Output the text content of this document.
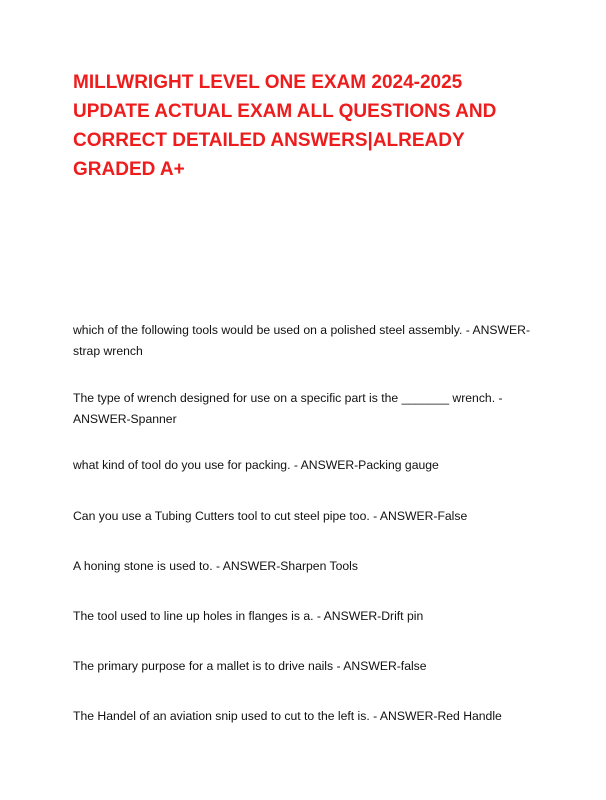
MILLWRIGHT LEVEL ONE EXAM 2024-2025 UPDATE ACTUAL EXAM ALL QUESTIONS AND CORRECT DETAILED ANSWERS|ALREADY GRADED A+

which of the following tools would be used on a polished steel assembly. - ANSWER-strap wrench

The type of wrench designed for use on a specific part is the _______ wrench. - ANSWER-Spanner

what kind of tool do you use for packing. - ANSWER-Packing gauge

Can you use a Tubing Cutters tool to cut steel pipe too. - ANSWER-False

A honing stone is used to. - ANSWER-Sharpen Tools

The tool used to line up holes in flanges is a. - ANSWER-Drift pin

The primary purpose for a mallet is to drive nails - ANSWER-false

The Handel of an aviation snip used to cut to the left is. - ANSWER-Red Handle
